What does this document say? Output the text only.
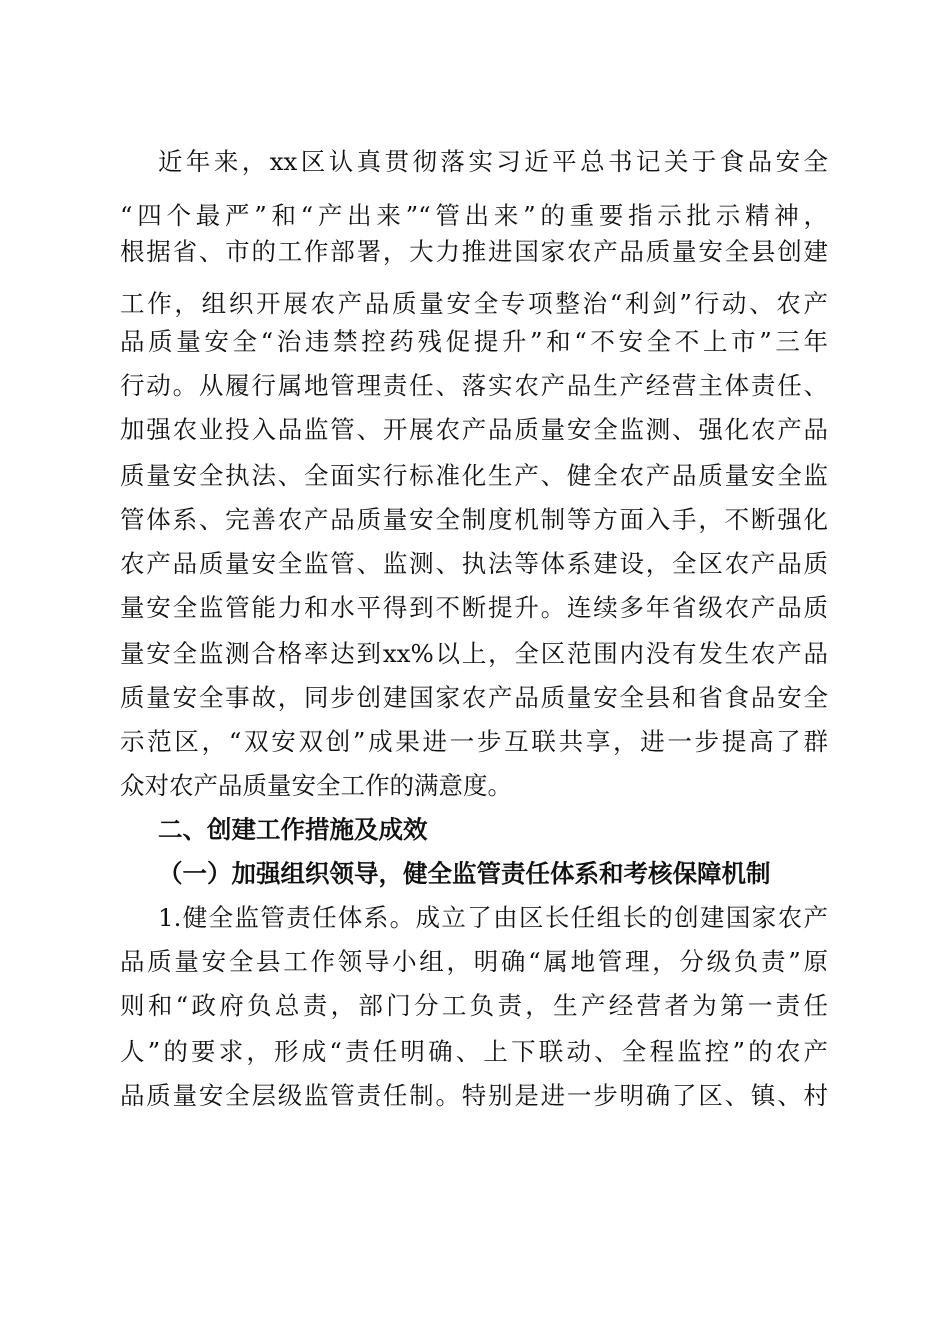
近年来，xx区认真贯彻落实习近平总书记关于食品安全
“四个最严”和“产出来”“管出来”的重要指示批示精神，
根据省、市的工作部署，大力推进国家农产品质量安全县创建
工作，组织开展农产品质量安全专项整治“利剑”行动、农产
品质量安全“治违禁控药残促提升”和“不安全不上市”三年
行动。从履行属地管理责任、落实农产品生产经营主体责任、
加强农业投入品监管、开展农产品质量安全监测、强化农产品
质量安全执法、全面实行标准化生产、健全农产品质量安全监
管体系、完善农产品质量安全制度机制等方面入手，不断强化
农产品质量安全监管、监测、执法等体系建设，全区农产品质
量安全监管能力和水平得到不断提升。连续多年省级农产品质
量安全监测合格率达到xx%以上，全区范围内没有发生农产品
质量安全事故，同步创建国家农产品质量安全县和省食品安全
示范区，“双安双创”成果进一步互联共享，进一步提高了群
众对农产品质量安全工作的满意度。
二、创建工作措施及成效
（一）加强组织领导，健全监管责任体系和考核保障机制
1.健全监管责任体系。成立了由区长任组长的创建国家农产
品质量安全县工作领导小组，明确“属地管理，分级负责”原
则和“政府负总责，部门分工负责，生产经营者为第一责任
人”的要求，形成“责任明确、上下联动、全程监控”的农产
品质量安全层级监管责任制。特别是进一步明确了区、镇、村
